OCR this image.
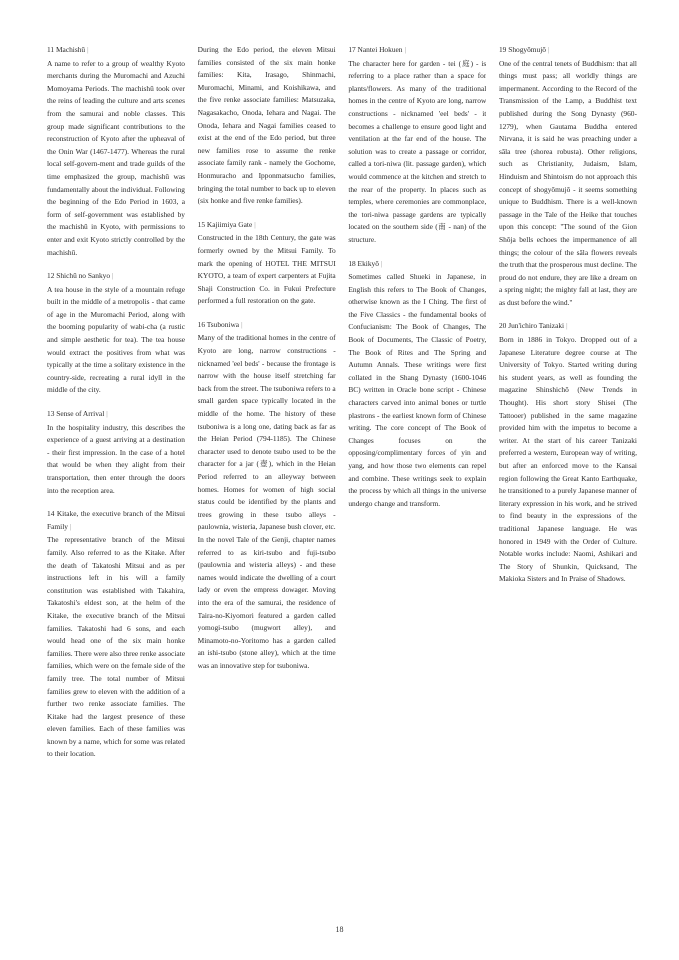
11 Machishū |

A name to refer to a group of wealthy Kyoto merchants during the Muromachi and Azuchi Momoyama Periods. The machishū took over the reins of leading the culture and arts scenes from the samurai and noble classes. This group made significant contributions to the reconstruction of Kyoto after the upheaval of the Onin War (1467-1477). Whereas the rural local self-govern-ment and trade guilds of the time emphasized the group, machishū was fundamentally about the individual. Following the beginning of the Edo Period in 1603, a form of self-government was established by the machishū in Kyoto, with permissions to enter and exit Kyoto strictly controlled by the machishū.

12 Shichū no Sankyo |

A tea house in the style of a mountain refuge built in the middle of a metropolis - that came of age in the Muromachi Period, along with the booming popularity of wabi-cha (a rustic and simple aesthetic for tea). The tea house would extract the positives from what was typically at the time a solitary existence in the country-side, recreating a rural idyll in the middle of the city.

13 Sense of Arrival |

In the hospitality industry, this describes the experience of a guest arriving at a destination - their first impression. In the case of a hotel that would be when they alight from their transportation, then enter through the doors into the reception area.

14 Kitake, the executive branch of the Mitsui Family |

The representative branch of the Mitsui family. Also referred to as the Kitake. After the death of Takatoshi Mitsui and as per instructions left in his will a family constitution was established with Takahira, Takatoshi's eldest son, at the helm of the Kitake, the executive branch of the Mitsui families. Takatoshi had 6 sons, and each would head one of the six main honke families. There were also three renke associate families, which were on the female side of the family tree. The total number of Mitsui families grew to eleven with the addition of a further two renke associate families. The Kitake had the largest presence of these eleven families. Each of these families was known by a name, which for some was related to their location.

During the Edo period, the eleven Mitsui families consisted of the six main honke families: Kita, Irasago, Shinmachi, Muromachi, Minami, and Koishikawa, and the five renke associate families: Matsuzaka, Nagasakacho, Onoda, Iehara and Nagai. The Onoda, Iehara and Nagai families ceased to exist at the end of the Edo period, but three new families rose to assume the renke associate family rank - namely the Gochome, Honmuracho and Ipponmatsucho families, bringing the total number to back up to eleven (six honke and five renke families).

15 Kajiimiya Gate |

Constructed in the 18th Century, the gate was formerly owned by the Mitsui Family. To mark the opening of HOTEL THE MITSUI KYOTO, a team of expert carpenters at Fujita Shaji Construction Co. in Fukui Prefecture performed a full restoration on the gate.

16 Tsuboniwa |

Many of the traditional homes in the centre of Kyoto are long, narrow constructions - nicknamed 'eel beds' - because the frontage is narrow with the house itself stretching far back from the street. The tsuboniwa refers to a small garden space typically located in the middle of the home. The history of these tsuboniwa is a long one, dating back as far as the Heian Period (794-1185). The Chinese character used to denote tsubo used to be the character for a jar (壺), which in the Heian Period referred to an alleyway between homes. Homes for women of high social status could be identified by the plants and trees growing in these tsubo alleys - paulownia, wisteria, Japanese bush clover, etc. In the novel Tale of the Genji, chapter names referred to as kiri-tsubo and fuji-tsubo (paulownia and wisteria alleys) - and these names would indicate the dwelling of a court lady or even the empress dowager. Moving into the era of the samurai, the residence of Taira-no-Kiyomori featured a garden called yomogi-tsubo (mugwort alley), and Minamoto-no-Yoritomo has a garden called an ishi-tsubo (stone alley), which at the time was an innovative step for tsuboniwa.

17 Nantei Hokuen |

The character here for garden - tei (庭) - is referring to a place rather than a space for plants/flowers. As many of the traditional homes in the centre of Kyoto are long, narrow constructions - nicknamed 'eel beds' - it becomes a challenge to ensure good light and ventilation at the far end of the house. The solution was to create a passage or corridor, called a tori-niwa (lit. passage garden), which would commence at the kitchen and stretch to the rear of the property. In places such as temples, where ceremonies are commonplace, the tori-niwa passage gardens are typically located on the southern side (南 - nan) of the structure.

18 Ekikyō |

Sometimes called Shueki in Japanese, in English this refers to The Book of Changes, otherwise known as the I Ching. The first of the Five Classics - the fundamental books of Confucianism: The Book of Changes, The Book of Documents, The Classic of Poetry, The Book of Rites and The Spring and Autumn Annals. These writings were first collated in the Shang Dynasty (1600-1046 BC) written in Oracle bone script - Chinese characters carved into animal bones or turtle plastrons - the earliest known form of Chinese writing. The core concept of The Book of Changes focuses on the opposing/complimentary forces of yin and yang, and how those two elements can repel and combine. These writings seek to explain the process by which all things in the universe undergo change and transform.

19 Shogyōmujō |

One of the central tenets of Buddhism: that all things must pass; all worldly things are impermanent. According to the Record of the Transmission of the Lamp, a Buddhist text published during the Song Dynasty (960-1279), when Gautama Buddha entered Nirvana, it is said he was preaching under a sāla tree (shorea robusta). Other religions, such as Christianity, Judaism, Islam, Hinduism and Shintoism do not approach this concept of shogyōmujō - it seems something unique to Buddhism. There is a well-known passage in the Tale of the Heike that touches upon this concept: "The sound of the Gion Shōja bells echoes the impermanence of all things; the colour of the sāla flowers reveals the truth that the prosperous must decline. The proud do not endure, they are like a dream on a spring night; the mighty fall at last, they are as dust before the wind."

20 Jun'ichiro Tanizaki |

Born in 1886 in Tokyo. Dropped out of a Japanese Literature degree course at The University of Tokyo. Started writing during his student years, as well as founding the magazine Shinshichō (New Trends in Thought). His short story Shisei (The Tattooer) published in the same magazine provided him with the impetus to become a writer. At the start of his career Tanizaki preferred a western, European way of writing, but after an enforced move to the Kansai region following the Great Kanto Earthquake, he transitioned to a purely Japanese manner of literary expression in his work, and he strived to find beauty in the expressions of the traditional Japanese language. He was honored in 1949 with the Order of Culture. Notable works include: Naomi, Ashikari and The Story of Shunkin, Quicksand, The Makioka Sisters and In Praise of Shadows.

18
